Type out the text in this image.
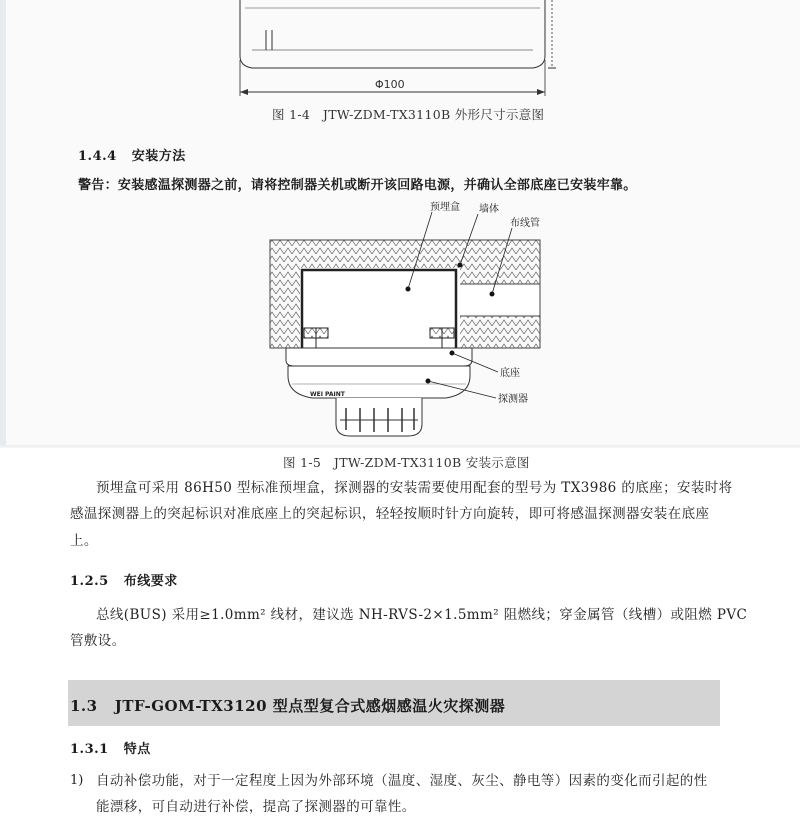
Φ100
图 1-4　JTW-ZDM-TX3110B 外形尺寸示意图
1.4.4 安装方法
警告：安装感温探测器之前，请将控制器关机或断开该回路电源，并确认全部底座已安装牢靠。
WEI PAINT
预埋盒 墙体
布线管
底座
探测器
图 1-5　JTW-ZDM-TX3110B 安装示意图
预埋盒可采用 86H50 型标准预埋盒，探测器的安装需要使用配套的型号为 TX3986 的底座；安装时将
感温探测器上的突起标识对准底座上的突起标识，轻轻按顺时针方向旋转，即可将感温探测器安装在底座
上。
1.2.5 布线要求
总线(BUS) 采用≥1.0mm² 线材，建议选 NH-RVS-2×1.5mm² 阻燃线；穿金属管（线槽）或阻燃 PVC
管敷设。
1.3 JTF-GOM-TX3120 型点型复合式感烟感温火灾探测器
1.3.1 特点
1) 自动补偿功能，对于一定程度上因为外部环境（温度、湿度、灰尘、静电等）因素的变化而引起的性
能漂移，可自动进行补偿，提高了探测器的可靠性。
